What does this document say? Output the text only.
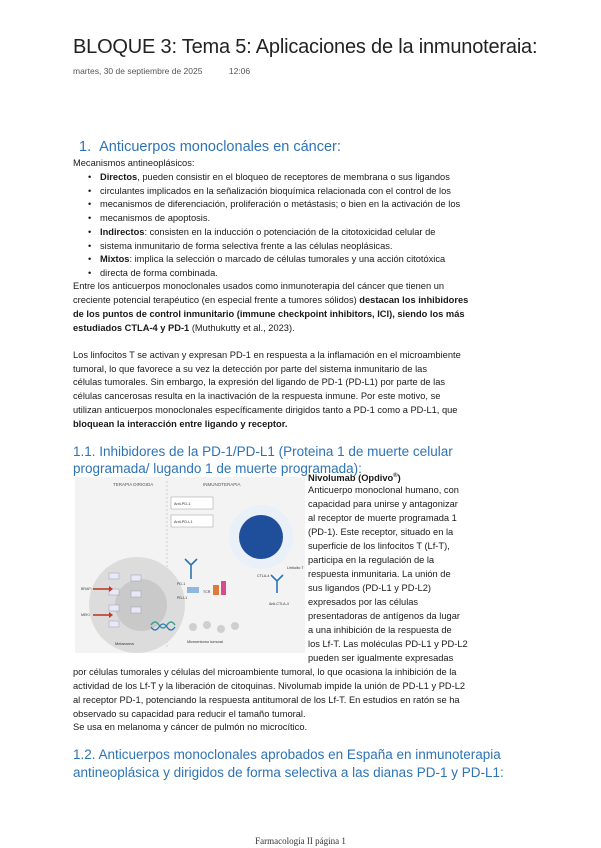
BLOQUE 3: Tema 5: Aplicaciones de la inmunoteraia:
martes, 30 de septiembre de 2025	12:06
1. Anticuerpos monoclonales en cáncer:
Mecanismos antineoplásicos:
• Directos, pueden consistir en el bloqueo de receptores de membrana o sus ligandos
• circulantes implicados en la señalización bioquímica relacionada con el control de los
• mecanismos de diferenciación, proliferación o metástasis; o bien en la activación de los
• mecanismos de apoptosis.
• Indirectos: consisten en la inducción o potenciación de la citotoxicidad celular de
• sistema inmunitario de forma selectiva frente a las células neoplásicas.
• Mixtos: implica la selección o marcado de células tumorales y una acción citotóxica
• directa de forma combinada.
Entre los anticuerpos monoclonales usados como inmunoterapia del cáncer que tienen un
creciente potencial terapéutico (en especial frente a tumores sólidos) destacan los inhibidores
de los puntos de control inmunitario (immune checkpoint inhibitors, ICI), siendo los más
estudiados CTLA-4 y PD-1 (Muthukutty et al., 2023).
Los linfocitos T se activan y expresan PD-1 en respuesta a la inflamación en el microambiente
tumoral, lo que favorece a su vez la detección por parte del sistema inmunitario de las
células tumorales. Sin embargo, la expresión del ligando de PD-1 (PD-L1) por parte de las
células cancerosas resulta en la inactivación de la respuesta inmune. Por este motivo, se
utilizan anticuerpos monoclonales específicamente dirigidos tanto a PD-1 como a PD-L1, que
bloquean la interacción entre ligando y receptor.
1.1. Inhibidores de la PD-1/PD-L1 (Proteina 1 de muerte celular
programada/ lugando 1 de muerte programada):
TERAPIA DIRIGIDA	INMUNOTERAPIA
Anti-PD-1
Anti-PD-L1
Melanoma
BRAFi
MEKi
Linfocito T
Anti-CTLA-4
CTLA-4
PD-1
PD-L1
TCR
Microentorno tumoral
Nivolumab (Opdivo®)
Anticuerpo monoclonal humano, con
capacidad para unirse y antagonizar
al receptor de muerte programada 1
(PD-1). Este receptor, situado en la
superficie de los linfocitos T (Lf-T),
participa en la regulación de la
respuesta inmunitaria. La unión de
sus ligandos (PD-L1 y PD-L2)
expresados por las células
presentadoras de antígenos da lugar
a una inhibición de la respuesta de
los Lf-T. Las moléculas PD-L1 y PD-L2
pueden ser igualmente expresadas
por células tumorales y células del microambiente tumoral, lo que ocasiona la inhibición de la
actividad de los Lf-T y la liberación de citoquinas. Nivolumab impide la unión de PD-L1 y PD-L2
al receptor PD-1, potenciando la respuesta antitumoral de los Lf-T. En estudios en ratón se ha
observado su capacidad para reducir el tamaño tumoral.
Se usa en melanoma y cáncer de pulmón no microcítico.
1.2. Anticuerpos monoclonales aprobados en España en inmunoterapia
antineoplásica y dirigidos de forma selectiva a las dianas PD-1 y PD-L1:
Farmacología II página 1
